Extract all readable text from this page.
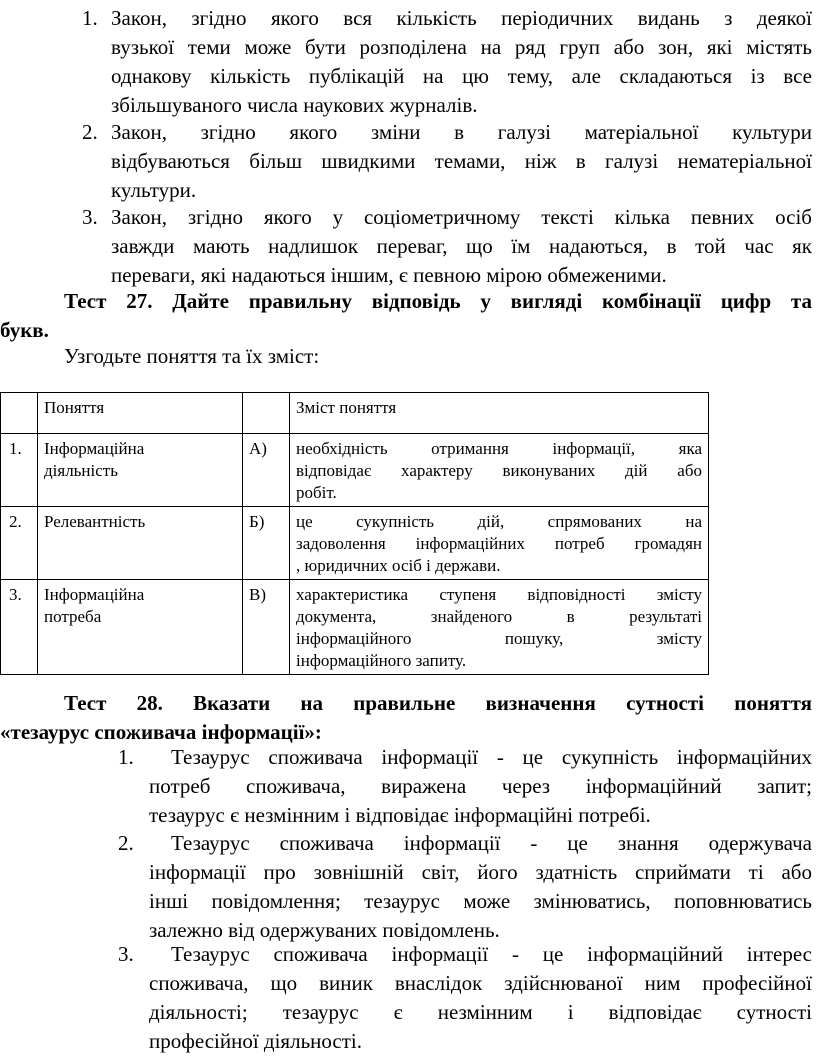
1. Закон, згідно якого вся кількість періодичних видань з деякої
вузької теми може бути розподілена на ряд груп або зон, які містять
однакову кількість публікацій на цю тему, але складаються із все
збільшуваного числа наукових журналів.
2. Закон, згідно якого зміни в галузі матеріальної культури
відбуваються більш швидкими темами, ніж в галузі нематеріальної
культури.
3. Закон, згідно якого у соціометричному тексті кілька певних осіб
завжди мають надлишок переваг, що їм надаються, в той час як
переваги, які надаються іншим, є певною мірою обмеженими.
Тест 27. Дайте правильну відповідь у вигляді комбінації цифр та
букв.
Узгодьте поняття та їх зміст:
	Поняття		Зміст поняття
1.	Інформаційна
діяльність	А)	необхідність отримання інформації, яка
відповідає характеру виконуваних дій або
робіт.

2.	Релевантність	Б)	це сукупність дій, спрямованих на
задоволення інформаційних потреб громадян
, юридичних осіб і держави.

3.	Інформаційна
потреба	В)	характеристика ступеня відповідності змісту
документа, знайденого в результаті
інформаційного пошуку, змісту
інформаційного запиту.
Тест 28. Вказати на правильне визначення сутності поняття
«тезаурус споживача інформації»:
1.	Тезаурус споживача інформації - це сукупність інформаційних
потреб споживача, виражена через інформаційний запит;
тезаурус є незмінним і відповідає інформаційні потребі.
2.	Тезаурус споживача інформації - це знання одержувача
інформації про зовнішній світ, його здатність сприймати ті або
інші повідомлення; тезаурус може змінюватись, поповнюватись
залежно від одержуваних повідомлень.
3.	Тезаурус споживача інформації - це інформаційний інтерес
споживача, що виник внаслідок здійснюваної ним професійної
діяльності; тезаурус є незмінним і відповідає сутності
професійної діяльності.
